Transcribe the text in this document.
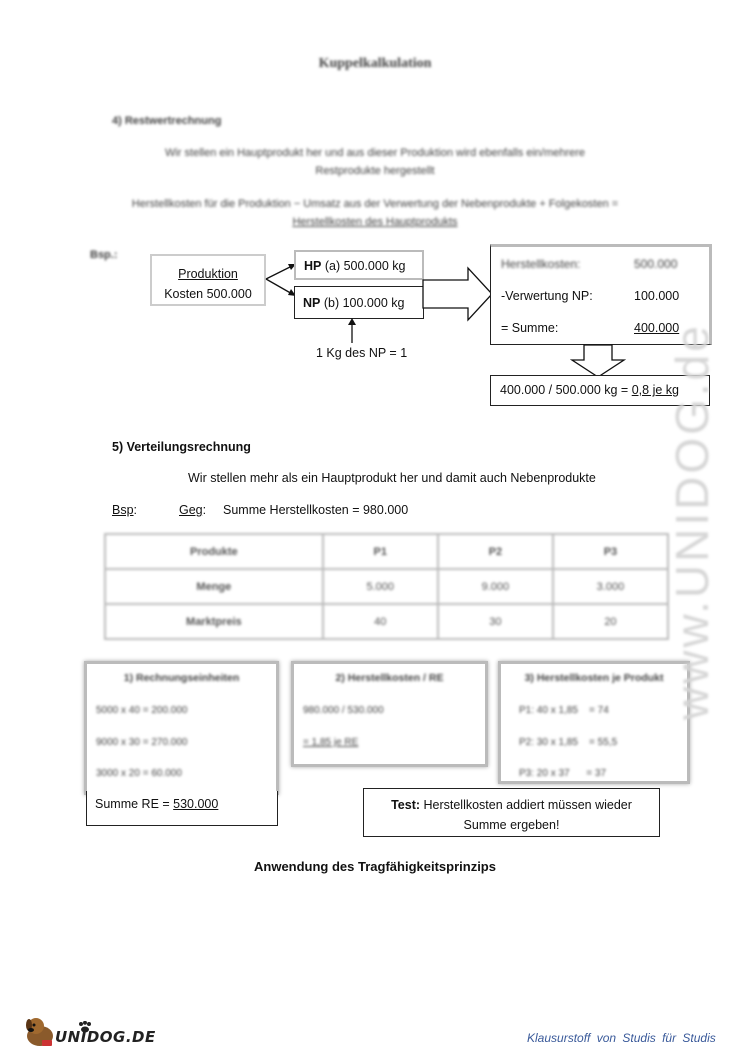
Kuppelkalkulation
4) Restwertrechnung
Wir stellen ein Hauptprodukt her und aus dieser Produktion wird ebenfalls ein/mehrere
Restprodukte hergestellt
Herstellkosten für die Produktion − Umsatz aus der Verwertung der Nebenprodukte + Folgekosten =
Herstellkosten des Hauptprodukts
Bsp.:
Produktion
Kosten 500.000
HP (a) 500.000 kg
NP (b) 100.000 kg
1 Kg des NP = 1
Herstellkosten:	500.000
-Verwertung NP:	100.000
= Summe:	400.000
400.000 / 500.000 kg = 0,8 je kg
5) Verteilungsrechnung
Wir stellen mehr als ein Hauptprodukt her und damit auch Nebenprodukte
Bsp:	Geg: Summe Herstellkosten = 980.000
Produkte	P1	P2	P3
Menge	5.000	9.000	3.000
Marktpreis	40	30	20
1) Rechnungseinheiten
5000 x 40 = 200.000
9000 x 30 = 270.000
3000 x 20 = 60.000
Summe RE = 530.000
2) Herstellkosten / RE
980.000 / 530.000
= 1,85 je RE
3) Herstellkosten je Produkt
P1: 40 x 1,85    = 74
P2: 30 x 1,85    = 55,5
P3: 20 x 37      = 37
Test: Herstellkosten addiert müssen wieder
Summe ergeben!
Anwendung des Tragfähigkeitsprinzips
www.UNIDOG.de
UNIDOG.DE	Klausurstoff von Studis für Studis
